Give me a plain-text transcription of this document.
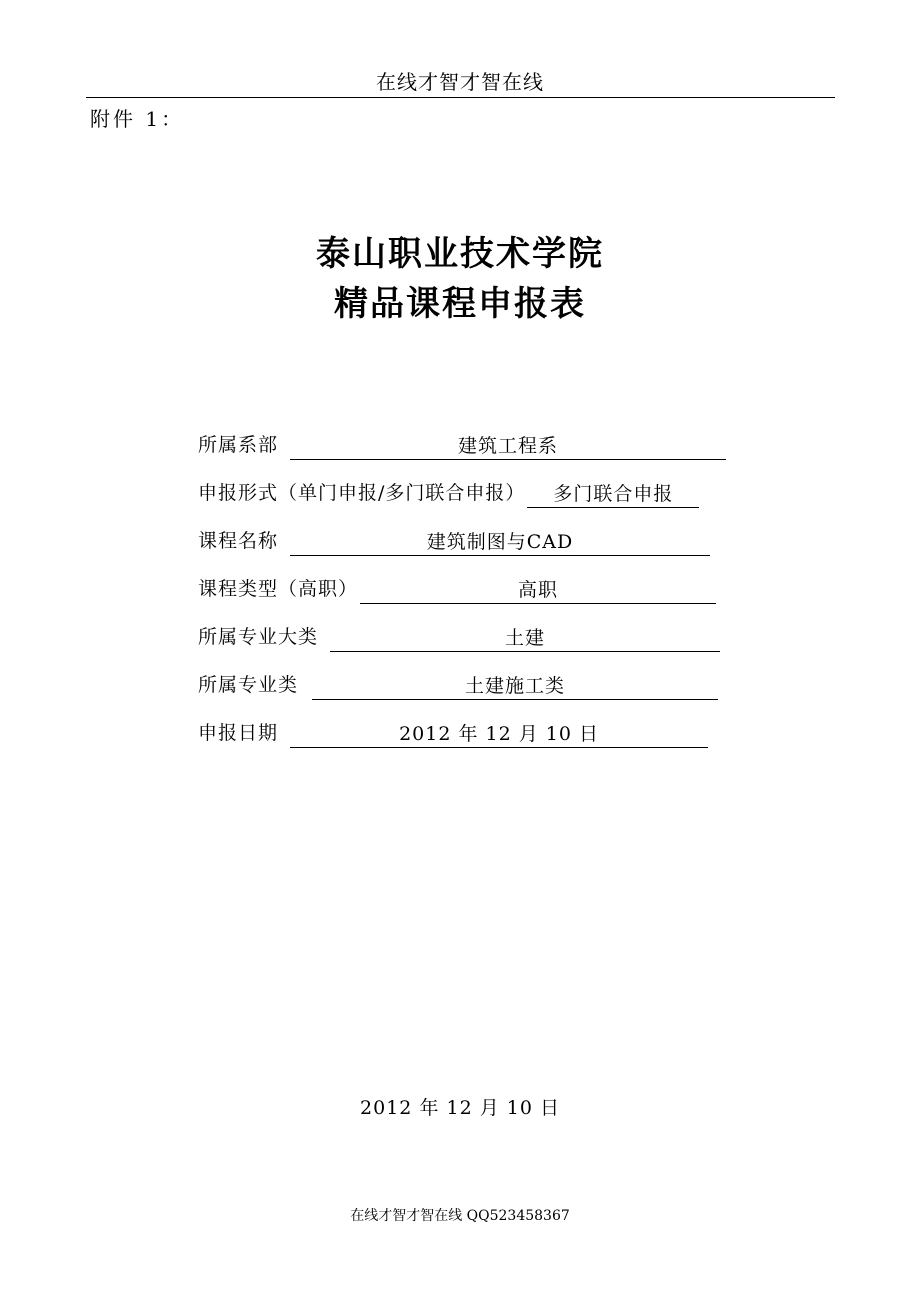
在线才智才智在线
附件 1：
泰山职业技术学院
精品课程申报表
所属系部	建筑工程系
申报形式（单门申报/多门联合申报）	多门联合申报
课程名称	建筑制图与CAD
课程类型（高职）	高职
所属专业大类	土建
所属专业类	土建施工类
申报日期	2012 年 12 月 10 日
2012 年 12 月 10 日
在线才智才智在线 QQ523458367
